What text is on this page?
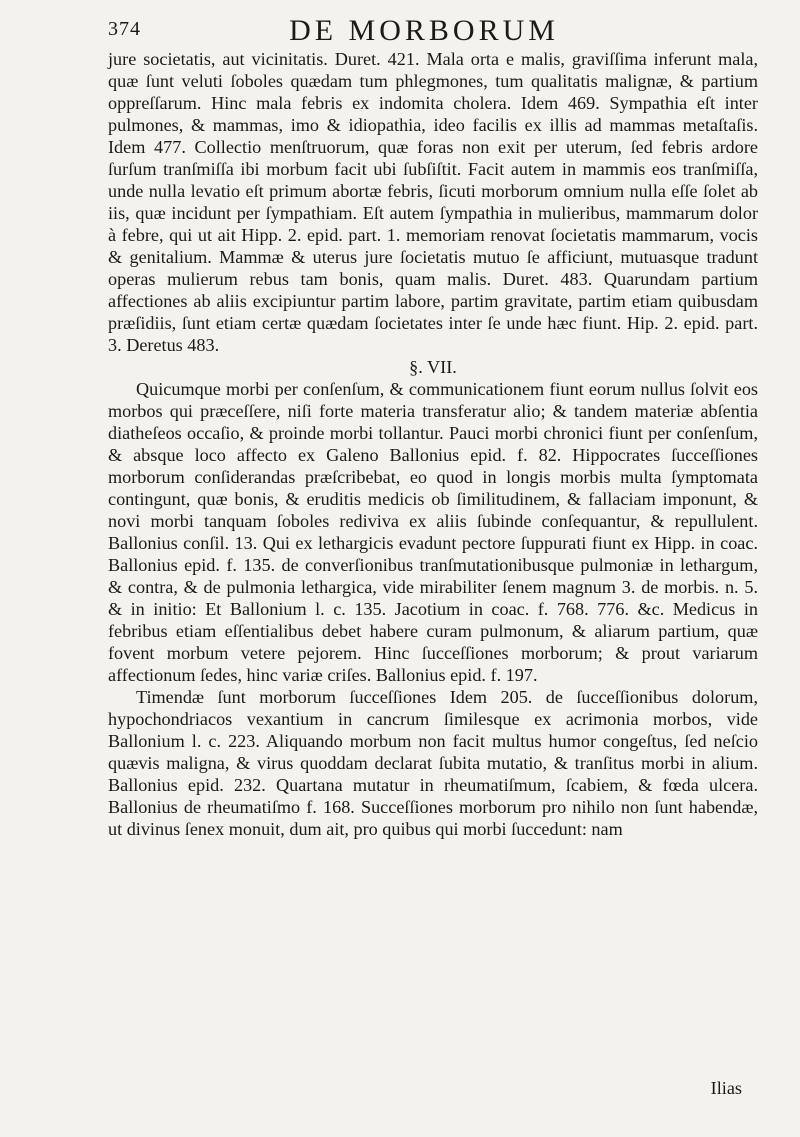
374	DE MORBORUM

jure societatis, aut vicinitatis. Duret. 421. Mala orta e malis, graviſſima inferunt mala, quæ ſunt veluti ſoboles quædam tum phlegmones, tum qualitatis malignæ, & partium oppreſſarum. Hinc mala febris ex indomita cholera. Idem 469. Sympathia eſt inter pulmones, & mammas, imo & idiopathia, ideo facilis ex illis ad mammas metaſtaſis. Idem 477. Collectio menſtruorum, quæ foras non exit per uterum, ſed febris ardore ſurſum tranſmiſſa ibi morbum facit ubi ſubſiſtit. Facit autem in mammis eos tranſmiſſa, unde nulla levatio eſt primum abortæ febris, ſicuti morborum omnium nulla eſſe ſolet ab iis, quæ incidunt per ſympathiam. Eſt autem ſympathia in mulieribus, mammarum dolor à febre, qui ut ait Hipp. 2. epid. part. 1. memoriam renovat ſocietatis mammarum, vocis & genitalium. Mammæ & uterus jure ſocietatis mutuo ſe afficiunt, mutuasque tradunt operas mulierum rebus tam bonis, quam malis. Duret. 483. Quarundam partium affectiones ab aliis excipiuntur partim labore, partim gravitate, partim etiam quibusdam præſidiis, ſunt etiam certæ quædam ſocietates inter ſe unde hæc fiunt. Hip. 2. epid. part. 3. Deretus 483.

§. VII.

Quicumque morbi per conſenſum, & communicationem fiunt eorum nullus ſolvit eos morbos qui præceſſere, niſi forte materia transferatur alio; & tandem materiæ abſentia diatheſeos occaſio, & proinde morbi tollantur. Pauci morbi chronici fiunt per conſenſum, & absque loco affecto ex Galeno Ballonius epid. f. 82. Hippocrates ſucceſſiones morborum conſiderandas præſcribebat, eo quod in longis morbis multa ſymptomata contingunt, quæ bonis, & eruditis medicis ob ſimilitudinem, & fallaciam imponunt, & novi morbi tanquam ſoboles rediviva ex aliis ſubinde conſequantur, & repullulent. Ballonius conſil. 13. Qui ex lethargicis evadunt pectore ſuppurati fiunt ex Hipp. in coac. Ballonius epid. f. 135. de converſionibus tranſmutationibusque pulmoniæ in lethargum, & contra, & de pulmonia lethargica, vide mirabiliter ſenem magnum 3. de morbis. n. 5. & in initio: Et Ballonium l. c. 135. Jacotium in coac. f. 768. 776. &c. Medicus in febribus etiam eſſentialibus debet habere curam pulmonum, & aliarum partium, quæ fovent morbum vetere pejorem. Hinc ſucceſſiones morborum; & prout variarum affectionum ſedes, hinc variæ criſes. Ballonius epid. f. 197.

Timendæ ſunt morborum ſucceſſiones Idem 205. de ſucceſſionibus dolorum, hypochondriacos vexantium in cancrum ſimilesque ex acrimonia morbos, vide Ballonium l. c. 223. Aliquando morbum non facit multus humor congeſtus, ſed neſcio quævis maligna, & virus quoddam declarat ſubita mutatio, & tranſitus morbi in alium. Ballonius epid. 232. Quartana mutatur in rheumatiſmum, ſcabiem, & fœda ulcera. Ballonius de rheumatiſmo f. 168. Succeſſiones morborum pro nihilo non ſunt habendæ, ut divinus ſenex monuit, dum ait, pro quibus qui morbi ſuccedunt: nam

Ilias
